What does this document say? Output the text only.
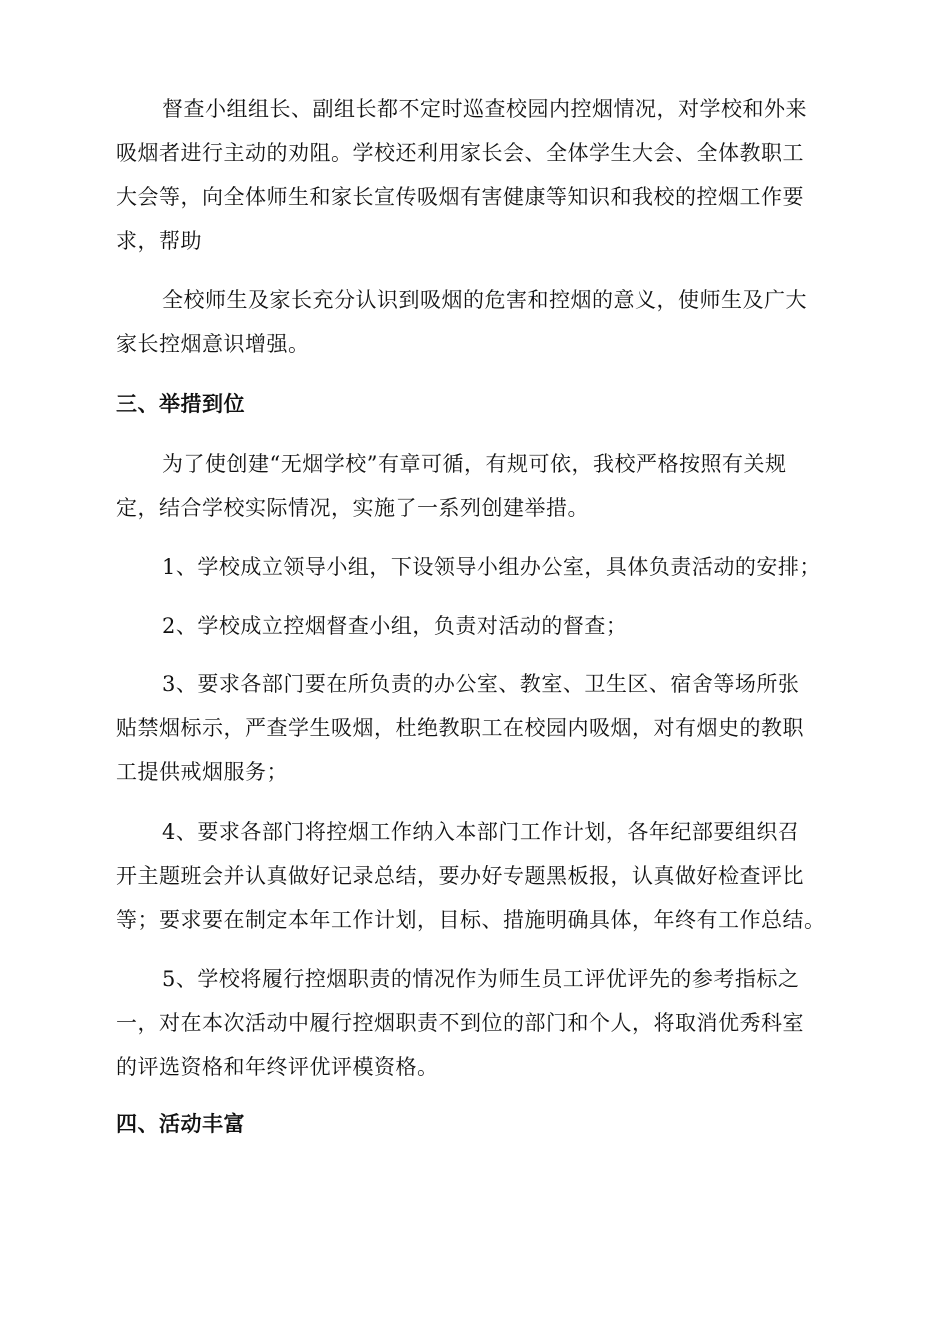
督查小组组长、副组长都不定时巡查校园内控烟情况，对学校和外来
吸烟者进行主动的劝阻。学校还利用家长会、全体学生大会、全体教职工
大会等，向全体师生和家长宣传吸烟有害健康等知识和我校的控烟工作要
求，帮助
全校师生及家长充分认识到吸烟的危害和控烟的意义，使师生及广大
家长控烟意识增强。
三、举措到位
为了使创建“无烟学校”有章可循，有规可依，我校严格按照有关规
定，结合学校实际情况，实施了一系列创建举措。
1、学校成立领导小组，下设领导小组办公室，具体负责活动的安排；
2、学校成立控烟督查小组，负责对活动的督查；
3、要求各部门要在所负责的办公室、教室、卫生区、宿舍等场所张
贴禁烟标示，严查学生吸烟，杜绝教职工在校园内吸烟，对有烟史的教职
工提供戒烟服务；
4、要求各部门将控烟工作纳入本部门工作计划，各年纪部要组织召
开主题班会并认真做好记录总结，要办好专题黑板报，认真做好检查评比
等；要求要在制定本年工作计划，目标、措施明确具体，年终有工作总结。
5、学校将履行控烟职责的情况作为师生员工评优评先的参考指标之
一，对在本次活动中履行控烟职责不到位的部门和个人，将取消优秀科室
的评选资格和年终评优评模资格。
四、活动丰富
